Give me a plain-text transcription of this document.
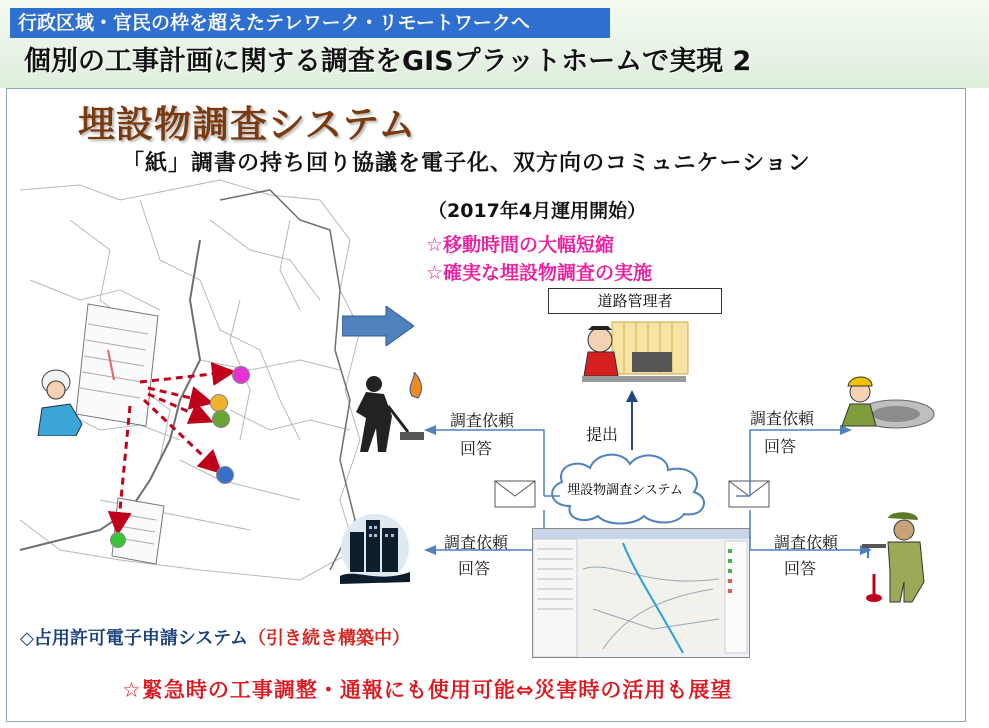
行政区域・官民の枠を超えたテレワーク・リモートワークへ
個別の工事計画に関する調査をGISプラットホームで実現 2
埋設物調査システム
「紙」調書の持ち回り協議を電子化、双方向のコミュニケーション
（2017年4月運用開始）
☆移動時間の大幅短縮
☆確実な埋設物調査の実施
道路管理者
提出
埋設物調査システム
調査依頼
回答
調査依頼
回答
調査依頼
回答
調査依頼
回答
◇占用許可電子申請システム（引き続き構築中）
☆緊急時の工事調整・通報にも使用可能⇔災害時の活用も展望
